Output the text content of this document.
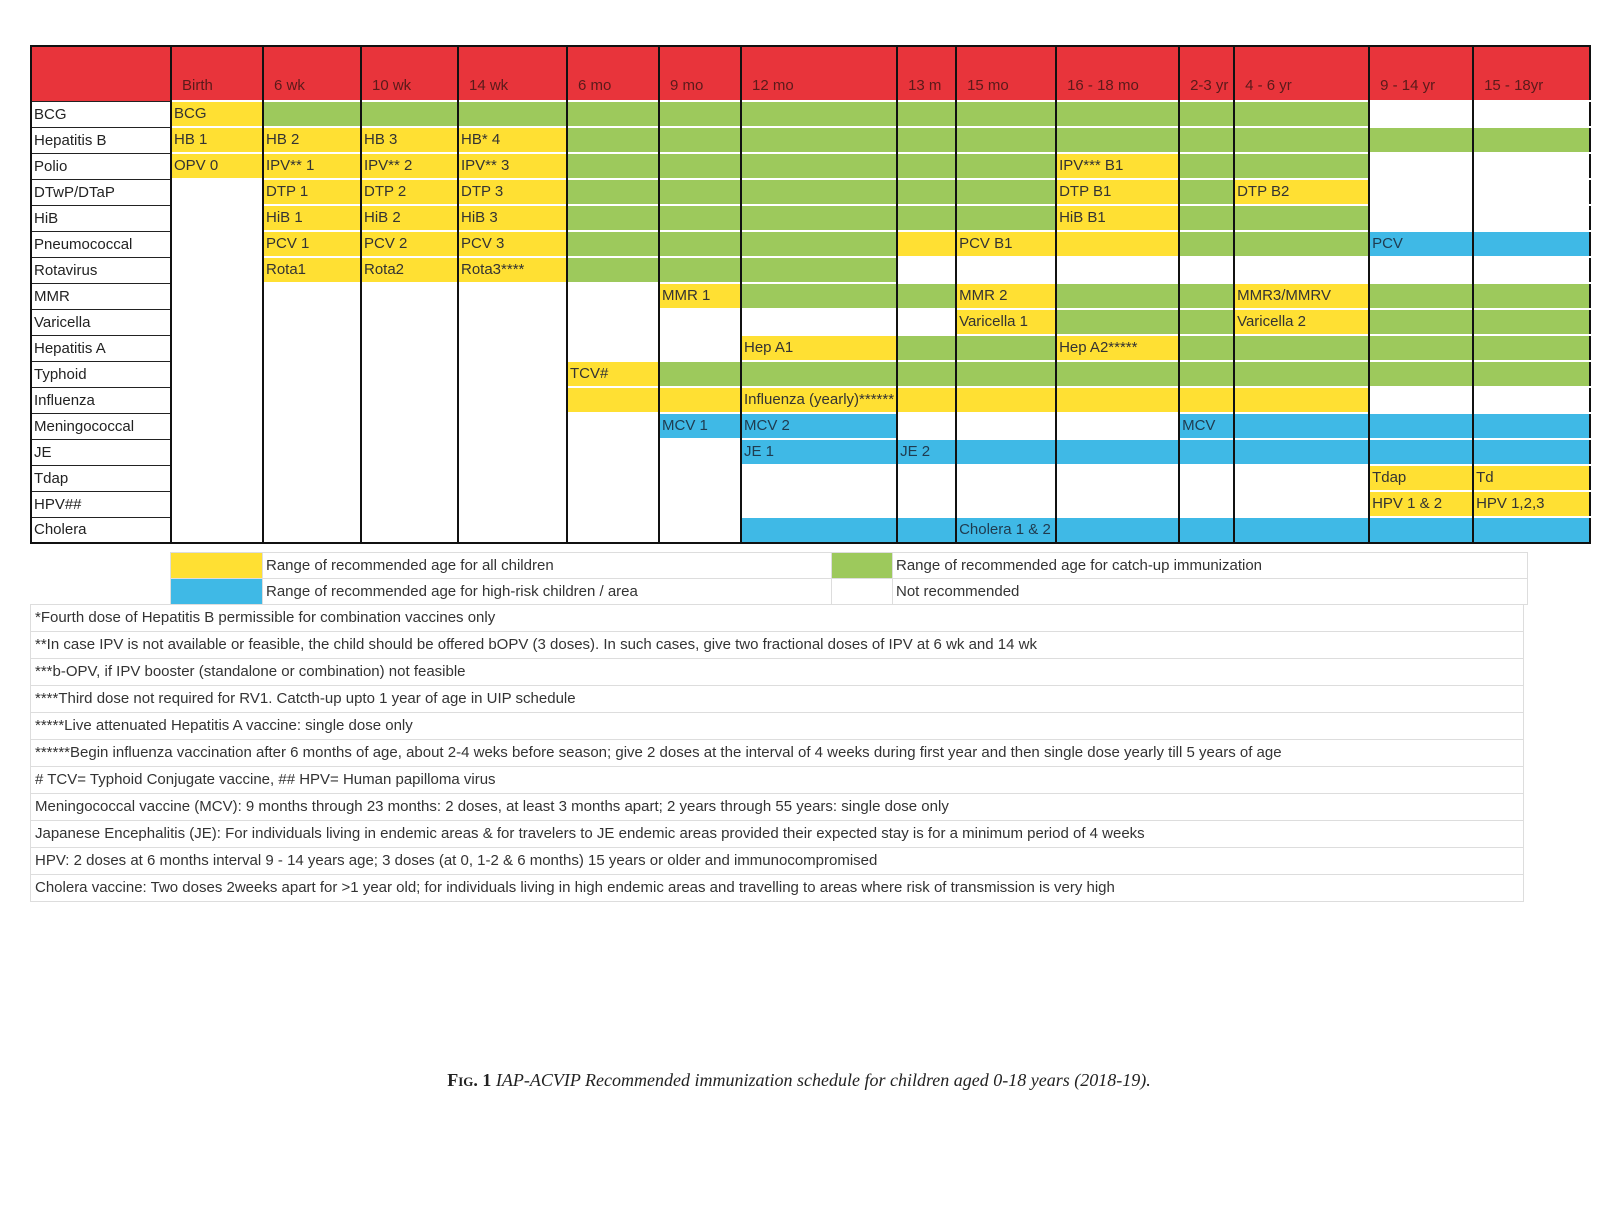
	Birth	6 wk	10 wk	14 wk	6 mo	9 mo	12 mo	13 m	15 mo	16 - 18 mo	2-3 yr	4 - 6 yr	9 - 14 yr	15 - 18yr
BCG	BCG													
Hepatitis B	HB 1	HB 2	HB 3	HB* 4										
Polio	OPV 0	IPV** 1	IPV** 2	IPV** 3						IPV*** B1				
DTwP/DTaP		DTP 1	DTP 2	DTP 3						DTP B1		DTP B2		
HiB		HiB 1	HiB 2	HiB 3						HiB B1				
Pneumococcal		PCV 1	PCV 2	PCV 3					PCV B1				PCV	
Rotavirus		Rota1	Rota2	Rota3****										
MMR						MMR 1			MMR 2			MMR3/MMRV		
Varicella									Varicella 1			Varicella 2		
Hepatitis A							Hep A1			Hep A2*****				
Typhoid					TCV#									
Influenza							Influenza (yearly)******							
Meningococcal						MCV 1	MCV 2				MCV			
JE							JE 1	JE 2						
Tdap													Tdap	Td
HPV##													HPV 1 & 2	HPV 1,2,3
Cholera									Cholera 1 & 2					
	Range of recommended age for all children		Range of recommended age for catch-up immunization
	Range of recommended age for high-risk children / area		Not recommended
*Fourth dose of Hepatitis B permissible for combination vaccines only
**In case IPV is not available or feasible, the child should be offered bOPV (3 doses). In such cases, give two fractional doses of IPV at 6 wk and 14 wk
***b-OPV, if IPV booster (standalone or combination) not feasible
****Third dose not required for RV1. Catcth-up upto 1 year of age in UIP schedule
*****Live attenuated Hepatitis A vaccine: single dose only
******Begin influenza vaccination after 6 months of age, about 2-4 weks before season; give 2 doses at the interval of 4 weeks during first year and then single dose yearly till 5 years of age
# TCV= Typhoid Conjugate vaccine, ## HPV= Human papilloma virus
Meningococcal vaccine (MCV): 9 months through 23 months: 2 doses, at least 3 months apart; 2 years through 55 years: single dose only
Japanese Encephalitis (JE): For individuals living in endemic areas & for travelers to JE endemic areas provided their expected stay is for a minimum period of 4 weeks
HPV: 2 doses at 6 months interval 9 - 14 years age; 3 doses (at 0, 1-2 & 6 months) 15 years or older and immunocompromised
Cholera vaccine: Two doses 2weeks apart for >1 year old; for individuals living in high endemic areas and travelling to areas where risk of transmission is very high
Fig. 1 IAP-ACVIP Recommended immunization schedule for children aged 0-18 years (2018-19).
